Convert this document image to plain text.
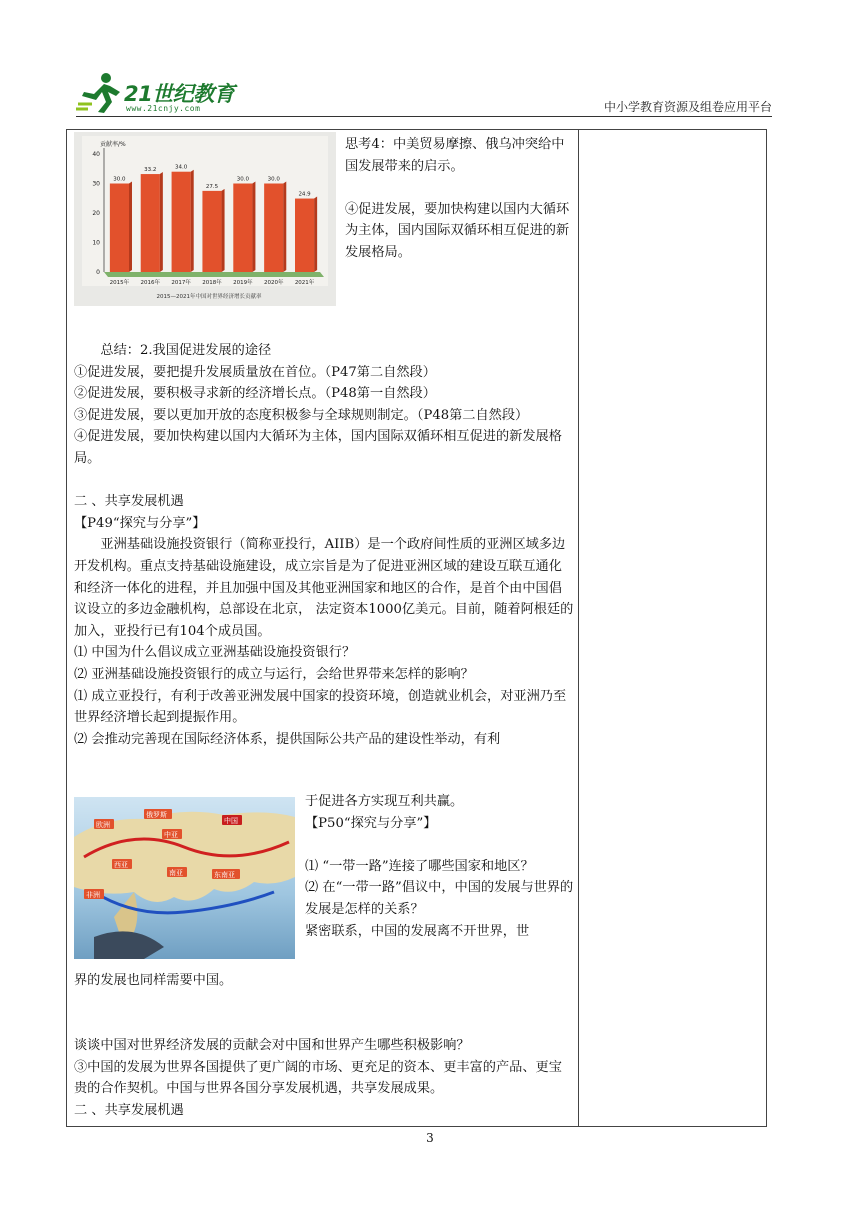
21世纪教育
www.21cnjy.com	中小学教育资源及组卷应用平台
0
10
20
30
40
30.0
2015年
33.2
2016年
34.0
2017年
27.5
2018年
30.0
2019年
30.0
2020年
24.9
2021年
贡献率/%
2015—2021年中国对世界经济增长贡献率

思考4：中美贸易摩擦、俄乌冲突给中国发展带来的启示。

④促进发展，要加快构建以国内大循环为主体，国内国际双循环相互促进的新发展格局。

总结：2.我国促进发展的途径

①促进发展，要把提升发展质量放在首位。（P47第二自然段）

②促进发展，要积极寻求新的经济增长点。（P48第一自然段）

③促进发展，要以更加开放的态度积极参与全球规则制定。（P48第二自然段）

④促进发展，要加快构建以国内大循环为主体，国内国际双循环相互促进的新发展格局。

二 、共享发展机遇

【P49“探究与分享”】

亚洲基础设施投资银行（简称亚投行，AIIB）是一个政府间性质的亚洲区域多边开发机构。重点支持基础设施建设，成立宗旨是为了促进亚洲区域的建设互联互通化和经济一体化的进程，并且加强中国及其他亚洲国家和地区的合作，是首个由中国倡议设立的多边金融机构，总部设在北京， 法定资本1000亿美元。目前，随着阿根廷的加入，亚投行已有104个成员国。

⑴ 中国为什么倡议成立亚洲基础设施投资银行？

⑵ 亚洲基础设施投资银行的成立与运行，会给世界带来怎样的影响？

⑴ 成立亚投行，有利于改善亚洲发展中国家的投资环境，创造就业机会，对亚洲乃至世界经济增长起到提振作用。

⑵ 会推动完善现在国际经济体系，提供国际公共产品的建设性举动，有利

中国
中亚
俄罗斯
欧洲
西亚
南亚	东南亚
非洲

于促进各方实现互利共赢。

【P50“探究与分享”】

⑴ “一带一路”连接了哪些国家和地区？

⑵ 在“一带一路”倡议中，中国的发展与世界的发展是怎样的关系？

紧密联系，中国的发展离不开世界，世

界的发展也同样需要中国。

谈谈中国对世界经济发展的贡献会对中国和世界产生哪些积极影响？

③中国的发展为世界各国提供了更广阔的市场、更充足的资本、更丰富的产品、更宝贵的合作契机。中国与世界各国分享发展机遇，共享发展成果。

二 、共享发展机遇

3
